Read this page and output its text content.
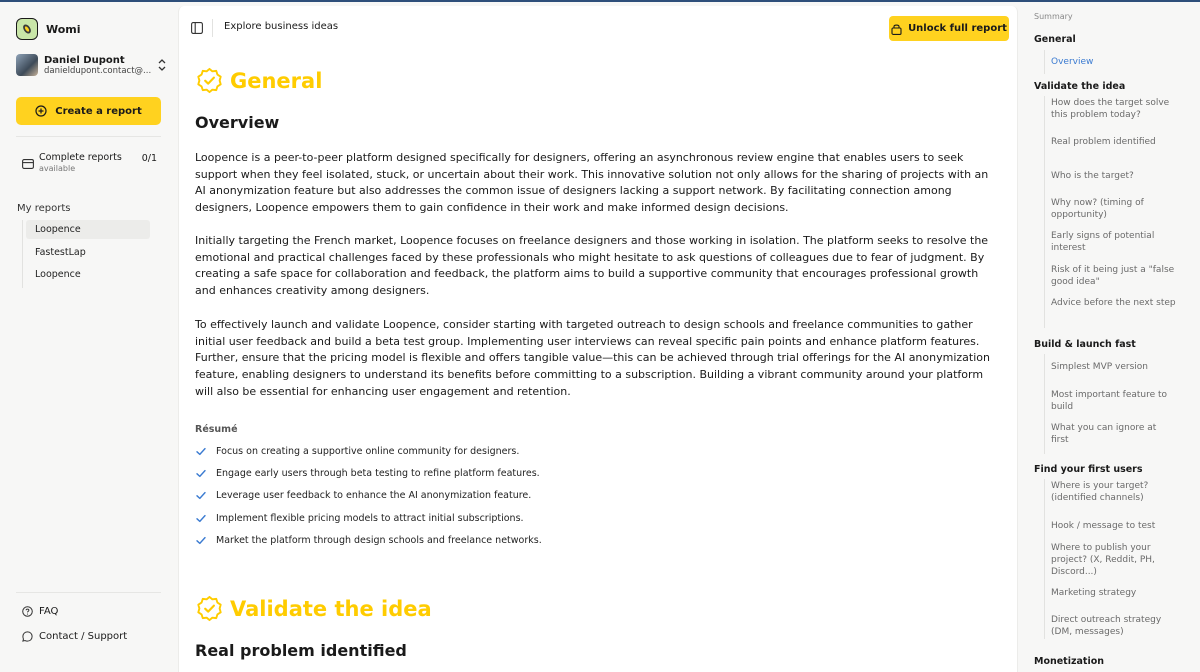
Womi
Daniel Dupont
danieldupont.contact@...
Create a report
Complete reports
available
0/1
My reports
Loopence
FastestLap
Loopence
FAQ
Contact / Support
Explore business ideas	Unlock full report
General
Overview

Loopence is a peer-to-peer platform designed specifically for designers, offering an asynchronous review engine that enables users to seek support when they feel isolated, stuck, or uncertain about their work. This innovative solution not only allows for the sharing of projects with an AI anonymization feature but also addresses the common issue of designers lacking a support network. By facilitating connection among designers, Loopence empowers them to gain confidence in their work and make informed design decisions.

Initially targeting the French market, Loopence focuses on freelance designers and those working in isolation. The platform seeks to resolve the emotional and practical challenges faced by these professionals who might hesitate to ask questions of colleagues due to fear of judgment. By creating a safe space for collaboration and feedback, the platform aims to build a supportive community that encourages professional growth and enhances creativity among designers.

To effectively launch and validate Loopence, consider starting with targeted outreach to design schools and freelance communities to gather initial user feedback and build a beta test group. Implementing user interviews can reveal specific pain points and enhance platform features. Further, ensure that the pricing model is flexible and offers tangible value—this can be achieved through trial offerings for the AI anonymization feature, enabling designers to understand its benefits before committing to a subscription. Building a vibrant community around your platform will also be essential for enhancing user engagement and retention.

Résumé
Focus on creating a supportive online community for designers.
Engage early users through beta testing to refine platform features.
Leverage user feedback to enhance the AI anonymization feature.
Implement flexible pricing models to attract initial subscriptions.
Market the platform through design schools and freelance networks.
Validate the idea
Real problem identified
Summary
General
Overview
Validate the idea
How does the target solve this problem today?
Real problem identified
Who is the target?
Why now? (timing of opportunity)
Early signs of potential interest
Risk of it being just a "false good idea"
Advice before the next step
Build & launch fast
Simplest MVP version
Most important feature to build
What you can ignore at first
Find your first users
Where is your target? (identified channels)
Hook / message to test
Where to publish your project? (X, Reddit, PH, Discord...)
Marketing strategy
Direct outreach strategy (DM, messages)
Monetization
